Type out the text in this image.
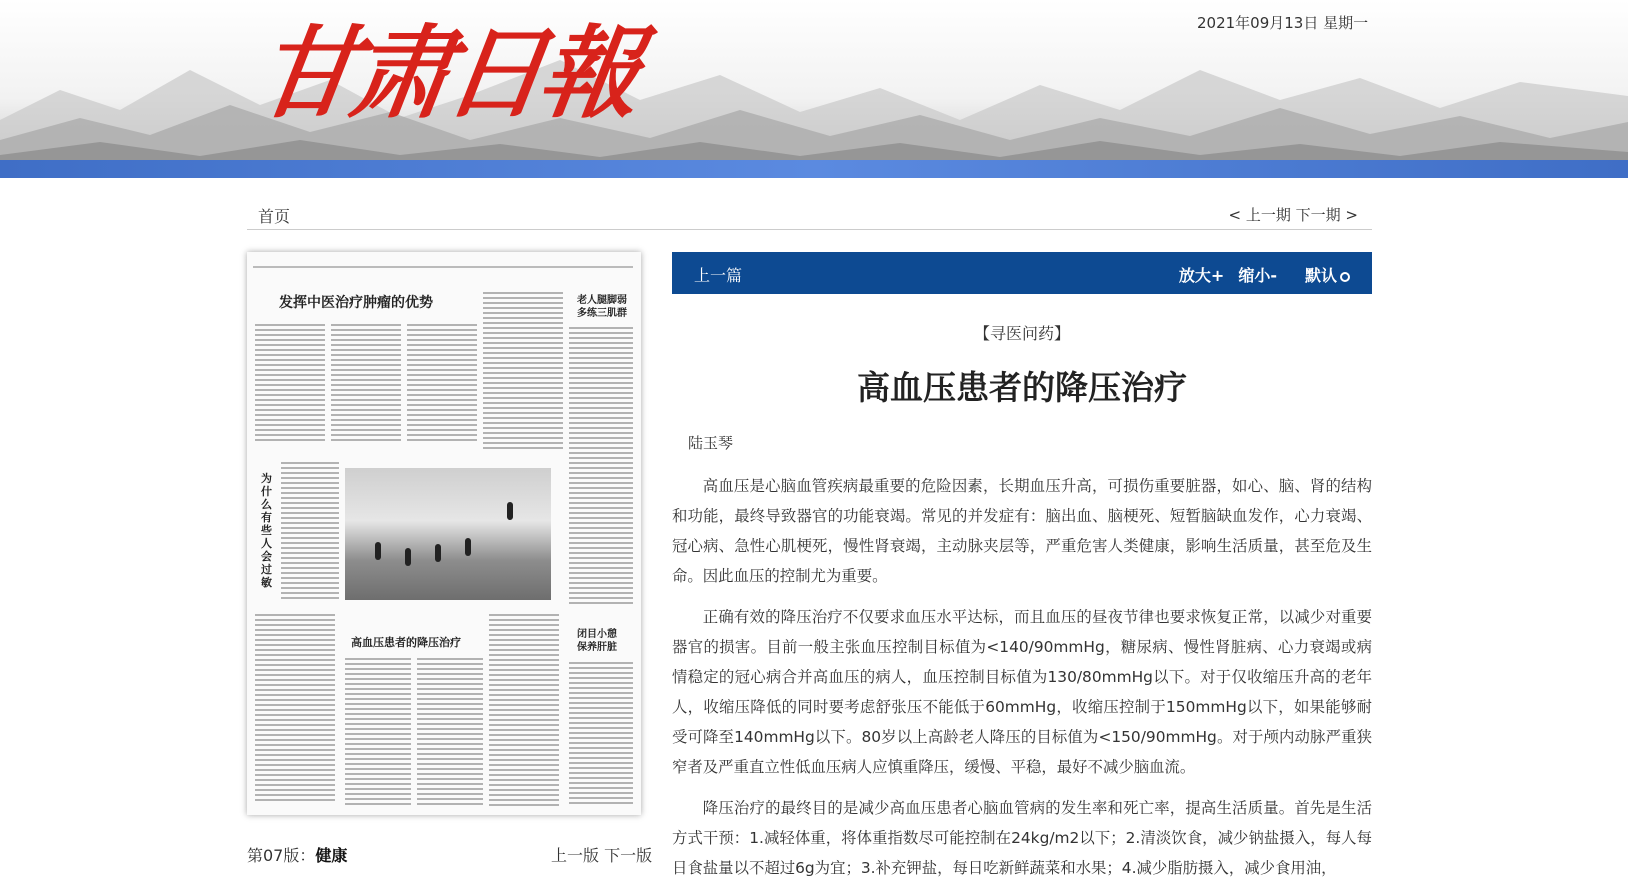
甘肃日報	2021年09月13日 星期一
首页	< 上一期 下一期 >
发挥中医治疗肿瘤的优势	老人腿脚弱 多练三肌群
为什么有些人会过敏
高血压患者的降压治疗
闭目小憩 保养肝脏
第07版：健康	上一版 下一版
上一篇	放大+ 缩小- 默认
【寻医问药】
高血压患者的降压治疗
陆玉琴

高血压是心脑血管疾病最重要的危险因素，长期血压升高，可损伤重要脏器，如心、脑、肾的结构和功能，最终导致器官的功能衰竭。常见的并发症有：脑出血、脑梗死、短暂脑缺血发作，心力衰竭、冠心病、急性心肌梗死，慢性肾衰竭，主动脉夹层等，严重危害人类健康，影响生活质量，甚至危及生命。因此血压的控制尤为重要。

正确有效的降压治疗不仅要求血压水平达标，而且血压的昼夜节律也要求恢复正常，以减少对重要器官的损害。目前一般主张血压控制目标值为<140/90mmHg，糖尿病、慢性肾脏病、心力衰竭或病情稳定的冠心病合并高血压的病人，血压控制目标值为130/80mmHg以下。对于仅收缩压升高的老年人，收缩压降低的同时要考虑舒张压不能低于60mmHg，收缩压控制于150mmHg以下，如果能够耐受可降至140mmHg以下。80岁以上高龄老人降压的目标值为<150/90mmHg。对于颅内动脉严重狭窄者及严重直立性低血压病人应慎重降压，缓慢、平稳，最好不减少脑血流。

降压治疗的最终目的是减少高血压患者心脑血管病的发生率和死亡率，提高生活质量。首先是生活方式干预：1.减轻体重，将体重指数尽可能控制在24kg/m2以下；2.清淡饮食，减少钠盐摄入，每人每日食盐量以不超过6g为宜；3.补充钾盐，每日吃新鲜蔬菜和水果；4.减少脂肪摄入，减少食用油，
